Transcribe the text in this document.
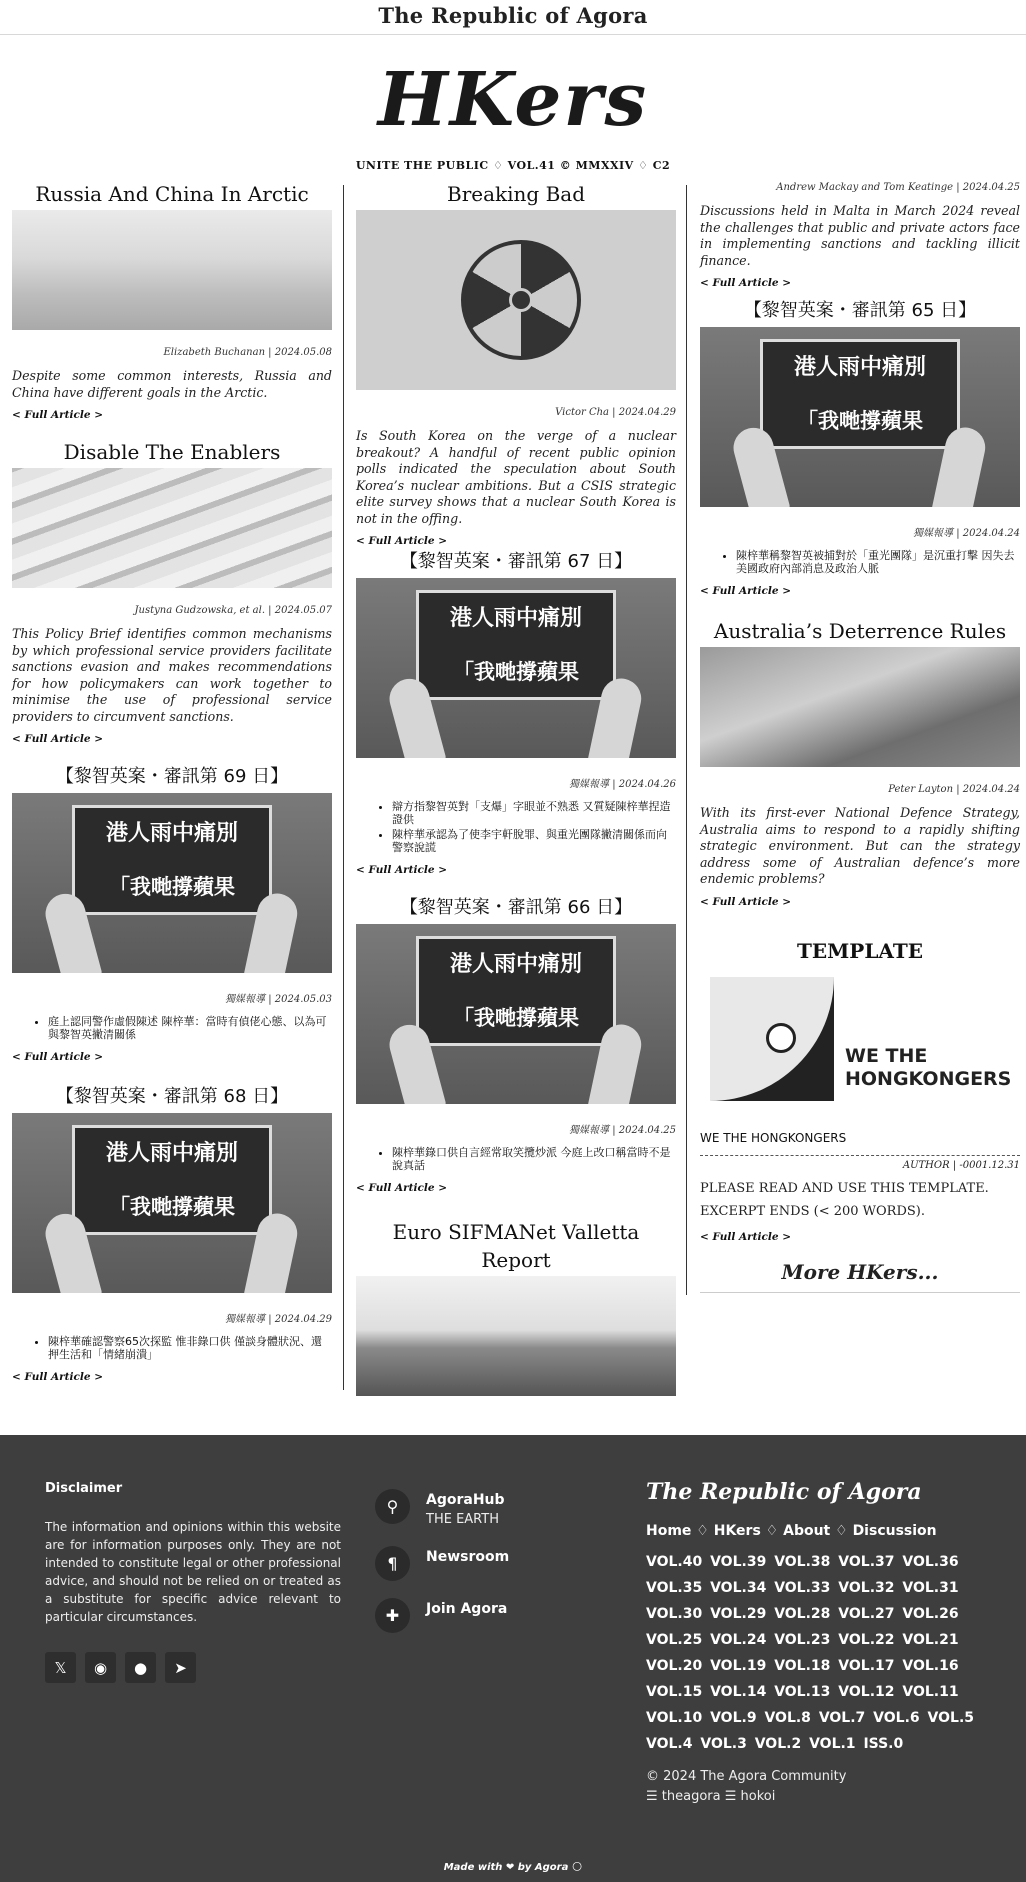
The Republic of Agora
HKers
UNITE THE PUBLIC ♢ VOL.41 © MMXXIV ♢ C2
Russia And China In Arctic
Elizabeth Buchanan | 2024.05.08
Despite some common interests, Russia and China have different goals in the Arctic.
< Full Article >
Disable The Enablers
Justyna Gudzowska, et al. | 2024.05.07
This Policy Brief identifies common mechanisms by which professional service providers facilitate sanctions evasion and makes recommendations for how policymakers can work together to minimise the use of professional service providers to circumvent sanctions.
< Full Article >
【黎智英案・審訊第 69 日】
港人雨中痛別
「我哋撐蘋果
獨媒報導 | 2024.05.03
• 庭上認同警作虛假陳述 陳梓華：當時有偵佬心態、以為可與黎智英撇清關係
< Full Article >
【黎智英案・審訊第 68 日】
港人雨中痛別
「我哋撐蘋果
獨媒報導 | 2024.04.29
• 陳梓華確認警察65次探監 惟非錄口供 僅談身體狀況、還押生活和「情緒崩潰」
< Full Article >
Breaking Bad
Victor Cha | 2024.04.29
Is South Korea on the verge of a nuclear breakout? A handful of recent public opinion polls indicated the speculation about South Korea’s nuclear ambitions. But a CSIS strategic elite survey shows that a nuclear South Korea is not in the offing.
< Full Article >
【黎智英案・審訊第 67 日】
港人雨中痛別
「我哋撐蘋果
獨媒報導 | 2024.04.26
• 辯方指黎智英對「支爆」字眼並不熟悉 又質疑陳梓華捏造證供
• 陳梓華承認為了使李宇軒脫罪、與重光團隊撇清關係而向警察說謊
< Full Article >
【黎智英案・審訊第 66 日】
港人雨中痛別
「我哋撐蘋果
獨媒報導 | 2024.04.25
• 陳梓華錄口供自言經常取笑攬炒派 今庭上改口稱當時不是說真話
< Full Article >
Euro SIFMANet Valletta Report
Andrew Mackay and Tom Keatinge | 2024.04.25
Discussions held in Malta in March 2024 reveal the challenges that public and private actors face in implementing sanctions and tackling illicit finance.
< Full Article >
【黎智英案・審訊第 65 日】
港人雨中痛別
「我哋撐蘋果
獨媒報導 | 2024.04.24
• 陳梓華稱黎智英被捕對於「重光團隊」是沉重打擊 因失去美國政府內部消息及政治人脈
< Full Article >
Australia’s Deterrence Rules
Peter Layton | 2024.04.24
With its first-ever National Defence Strategy, Australia aims to respond to a rapidly shifting strategic environment. But can the strategy address some of Australian defence’s more endemic problems?
< Full Article >
TEMPLATE
WE THE
HONGKONGERS
WE THE HONGKONGERS
AUTHOR | -0001.12.31
PLEASE READ AND USE THIS TEMPLATE.
EXCERPT ENDS (< 200 WORDS).
< Full Article >
More HKers...
Disclaimer

The information and opinions within this website are for information purposes only. They are not intended to constitute legal or other professional advice, and should not be relied on or treated as a substitute for specific advice relevant to particular circumstances.

𝕏	◉	●	➤
⚲	AgoraHub
THE EARTH
¶	Newsroom
✚	Join Agora
The Republic of Agora
Home ♢ HKers ♢ About ♢ Discussion
VOL.40 VOL.39 VOL.38 VOL.37 VOL.36 VOL.35 VOL.34 VOL.33 VOL.32 VOL.31 VOL.30 VOL.29 VOL.28 VOL.27 VOL.26 VOL.25 VOL.24 VOL.23 VOL.22 VOL.21 VOL.20 VOL.19 VOL.18 VOL.17 VOL.16 VOL.15 VOL.14 VOL.13 VOL.12 VOL.11 VOL.10 VOL.9 VOL.8 VOL.7 VOL.6 VOL.5 VOL.4 VOL.3 VOL.2 VOL.1 ISS.0
© 2024 The Agora Community
☰ theagora ☰ hokoi
Made with ❤ by Agora 🌕
